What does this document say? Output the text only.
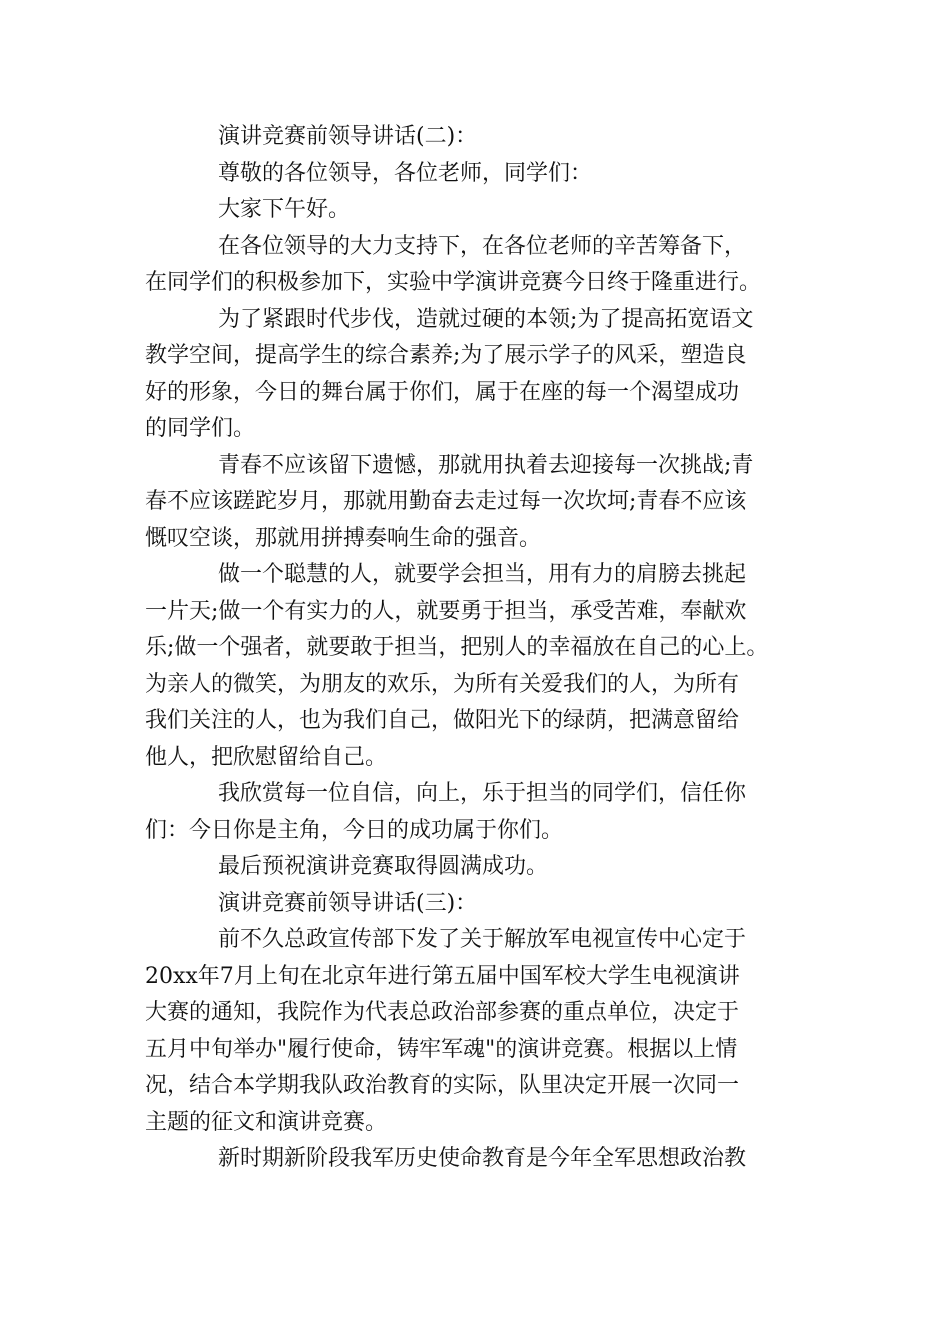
演讲竞赛前领导讲话(二)：
尊敬的各位领导，各位老师，同学们：
大家下午好。
在各位领导的大力支持下，在各位老师的辛苦筹备下，
在同学们的积极参加下，实验中学演讲竞赛今日终于隆重进行。
为了紧跟时代步伐，造就过硬的本领;为了提高拓宽语文
教学空间，提高学生的综合素养;为了展示学子的风采，塑造良
好的形象，今日的舞台属于你们，属于在座的每一个渴望成功
的同学们。
青春不应该留下遗憾，那就用执着去迎接每一次挑战;青
春不应该蹉跎岁月，那就用勤奋去走过每一次坎坷;青春不应该
慨叹空谈，那就用拼搏奏响生命的强音。
做一个聪慧的人，就要学会担当，用有力的肩膀去挑起
一片天;做一个有实力的人，就要勇于担当，承受苦难，奉献欢
乐;做一个强者，就要敢于担当，把别人的幸福放在自己的心上。
为亲人的微笑，为朋友的欢乐，为所有关爱我们的人，为所有
我们关注的人，也为我们自己，做阳光下的绿荫，把满意留给
他人，把欣慰留给自己。
我欣赏每一位自信，向上，乐于担当的同学们，信任你
们：今日你是主角，今日的成功属于你们。
最后预祝演讲竞赛取得圆满成功。
演讲竞赛前领导讲话(三)：
前不久总政宣传部下发了关于解放军电视宣传中心定于
20xx年7月上旬在北京年进行第五届中国军校大学生电视演讲
大赛的通知，我院作为代表总政治部参赛的重点单位，决定于
五月中旬举办"履行使命，铸牢军魂"的演讲竞赛。根据以上情
况，结合本学期我队政治教育的实际，队里决定开展一次同一
主题的征文和演讲竞赛。
新时期新阶段我军历史使命教育是今年全军思想政治教
